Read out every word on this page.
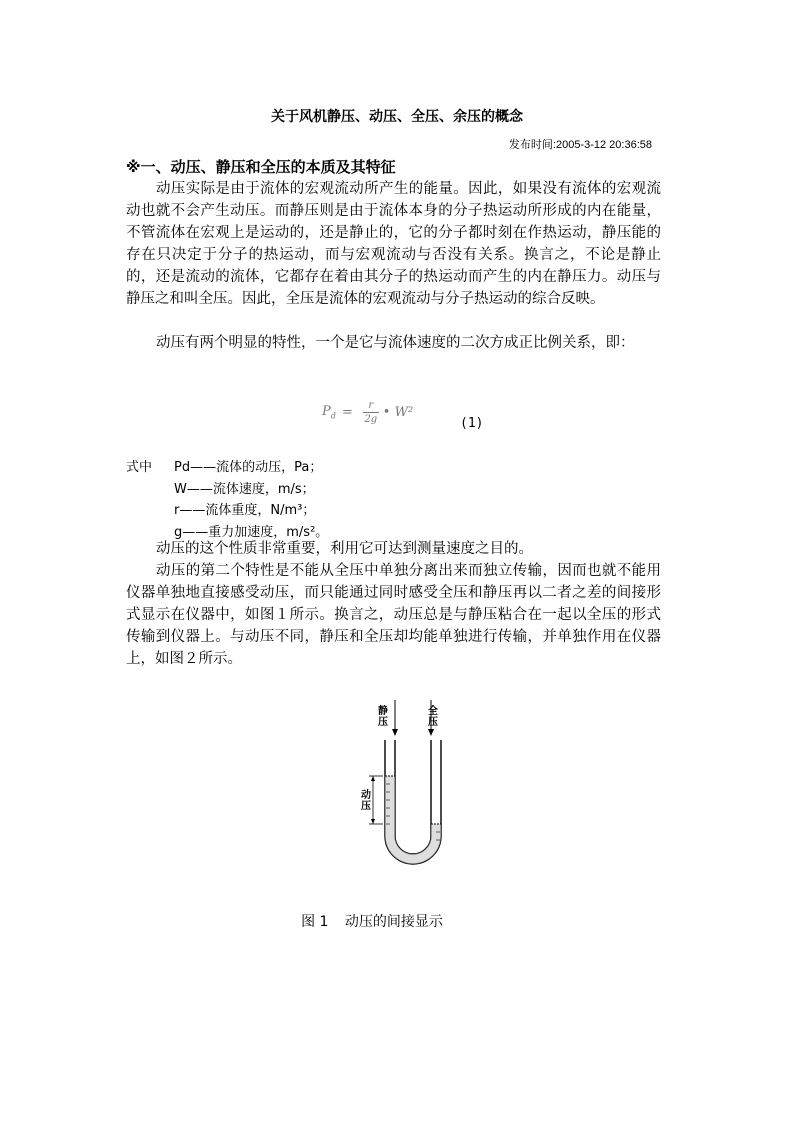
关于风机静压、动压、全压、余压的概念
发布时间:2005-3-12 20:36:58
※一、动压、静压和全压的本质及其特征
动压实际是由于流体的宏观流动所产生的能量。因此，如果没有流体的宏观流动也就不会产生动压。而静压则是由于流体本身的分子热运动所形成的内在能量，不管流体在宏观上是运动的，还是静止的，它的分子都时刻在作热运动，静压能的存在只决定于分子的热运动，而与宏观流动与否没有关系。换言之，不论是静止的，还是流动的流体，它都存在着由其分子的热运动而产生的内在静压力。动压与静压之和叫全压。因此，全压是流体的宏观流动与分子热运动的综合反映。
动压有两个明显的特性，一个是它与流体速度的二次方成正比例关系，即：
$P_d = \frac{r}{2g}$ • W²
(1)
式中 Pd——流体的动压，Pa；
W——流体速度，m/s；
r——流体重度，N/m³；
g——重力加速度，m/s²。
动压的这个性质非常重要，利用它可达到测量速度之目的。
动压的第二个特性是不能从全压中单独分离出来而独立传输，因而也就不能用仪器单独地直接感受动压，而只能通过同时感受全压和静压再以二者之差的间接形式显示在仪器中，如图１所示。换言之，动压总是与静压粘合在一起以全压的形式传输到仪器上。与动压不同，静压和全压却均能单独进行传输，并单独作用在仪器上，如图２所示。
静压
全压
动压
图 1 动压的间接显示
